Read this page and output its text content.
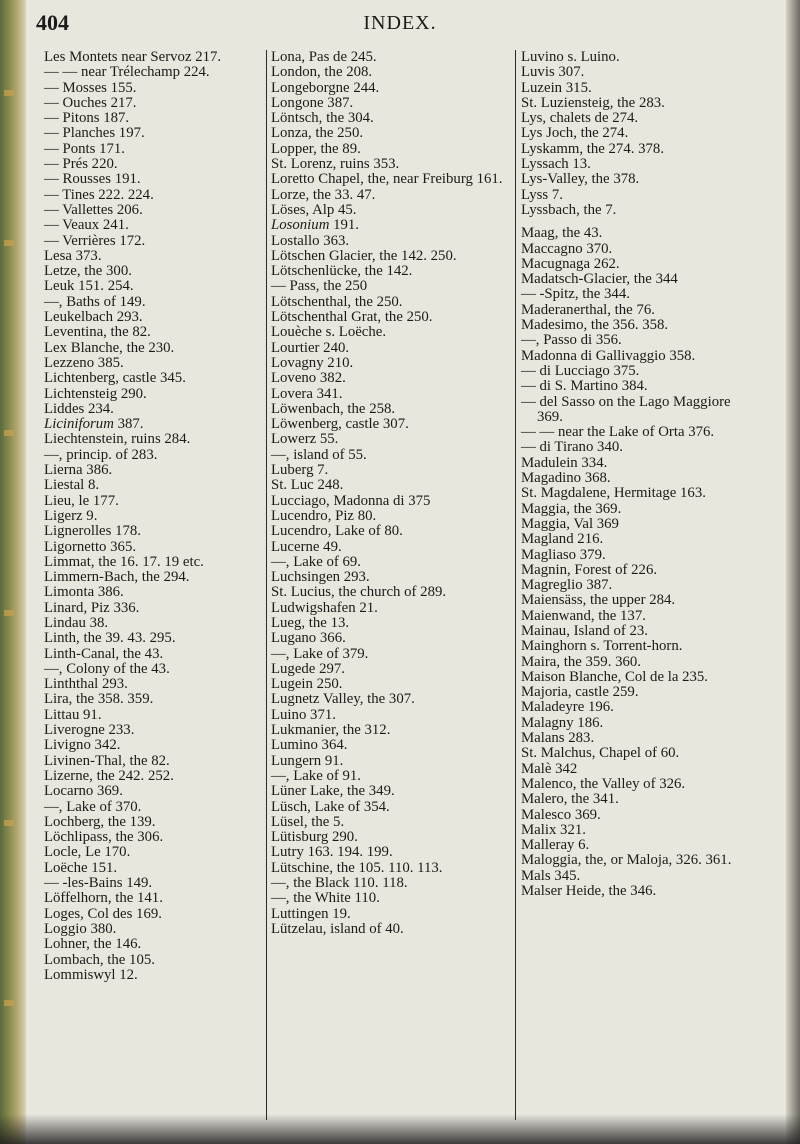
404	INDEX.

Les Montets near Servoz 217.

— — near Trélechamp 224.

— Mosses 155.

— Ouches 217.

— Pitons 187.

— Planches 197.

— Ponts 171.

— Prés 220.

— Rousses 191.

— Tines 222. 224.

— Vallettes 206.

— Veaux 241.

— Verrières 172.

Lesa 373.

Letze, the 300.

Leuk 151. 254.

—, Baths of 149.

Leukelbach 293.

Leventina, the 82.

Lex Blanche, the 230.

Lezzeno 385.

Lichtenberg, castle 345.

Lichtensteig 290.

Liddes 234.

Liciniforum 387.

Liechtenstein, ruins 284.

—, princip. of 283.

Lierna 386.

Liestal 8.

Lieu, le 177.

Ligerz 9.

Lignerolles 178.

Ligornetto 365.

Limmat, the 16. 17. 19 etc.

Limmern-Bach, the 294.

Limonta 386.

Linard, Piz 336.

Lindau 38.

Linth, the 39. 43. 295.

Linth-Canal, the 43.

—, Colony of the 43.

Linththal 293.

Lira, the 358. 359.

Littau 91.

Liverogne 233.

Livigno 342.

Livinen-Thal, the 82.

Lizerne, the 242. 252.

Locarno 369.

—, Lake of 370.

Lochberg, the 139.

Löchlipass, the 306.

Locle, Le 170.

Loëche 151.

— -les-Bains 149.

Löffelhorn, the 141.

Loges, Col des 169.

Loggio 380.

Lohner, the 146.

Lombach, the 105.

Lommiswyl 12.

Lona, Pas de 245.

London, the 208.

Longeborgne 244.

Longone 387.

Löntsch, the 304.

Lonza, the 250.

Lopper, the 89.

St. Lorenz, ruins 353.

Loretto Chapel, the, near Freiburg 161.

Lorze, the 33. 47.

Löses, Alp 45.

Losonium 191.

Lostallo 363.

Lötschen Glacier, the 142. 250.

Lötschenlücke, the 142.

— Pass, the 250

Lötschenthal, the 250.

Lötschenthal Grat, the 250.

Louèche s. Loëche.

Lourtier 240.

Lovagny 210.

Loveno 382.

Lovera 341.

Löwenbach, the 258.

Löwenberg, castle 307.

Lowerz 55.

—, island of 55.

Luberg 7.

St. Luc 248.

Lucciago, Madonna di 375

Lucendro, Piz 80.

Lucendro, Lake of 80.

Lucerne 49.

—, Lake of 69.

Luchsingen 293.

St. Lucius, the church of 289.

Ludwigshafen 21.

Lueg, the 13.

Lugano 366.

—, Lake of 379.

Lugede 297.

Lugein 250.

Lugnetz Valley, the 307.

Luino 371.

Lukmanier, the 312.

Lumino 364.

Lungern 91.

—, Lake of 91.

Lüner Lake, the 349.

Lüsch, Lake of 354.

Lüsel, the 5.

Lütisburg 290.

Lutry 163. 194. 199.

Lütschine, the 105. 110. 113.

—, the Black 110. 118.

—, the White 110.

Luttingen 19.

Lützelau, island of 40.

Luvino s. Luino.

Luvis 307.

Luzein 315.

St. Luziensteig, the 283.

Lys, chalets de 274.

Lys Joch, the 274.

Lyskamm, the 274. 378.

Lyssach 13.

Lys-Valley, the 378.

Lyss 7.

Lyssbach, the 7.

Maag, the 43.

Maccagno 370.

Macugnaga 262.

Madatsch-Glacier, the 344

— -Spitz, the 344.

Maderanerthal, the 76.

Madesimo, the 356. 358.

—, Passo di 356.

Madonna di Gallivaggio 358.

— di Lucciago 375.

— di S. Martino 384.

— del Sasso on the Lago Maggiore 369.

— — near the Lake of Orta 376.

— di Tirano 340.

Madulein 334.

Magadino 368.

St. Magdalene, Hermitage 163.

Maggia, the 369.

Maggia, Val 369

Magland 216.

Magliaso 379.

Magnin, Forest of 226.

Magreglio 387.

Maiensäss, the upper 284.

Maienwand, the 137.

Mainau, Island of 23.

Mainghorn s. Torrent-horn.

Maira, the 359. 360.

Maison Blanche, Col de la 235.

Majoria, castle 259.

Maladeyre 196.

Malagny 186.

Malans 283.

St. Malchus, Chapel of 60.

Malè 342

Malenco, the Valley of 326.

Malero, the 341.

Malesco 369.

Malix 321.

Malleray 6.

Maloggia, the, or Maloja, 326. 361.

Mals 345.

Malser Heide, the 346.
